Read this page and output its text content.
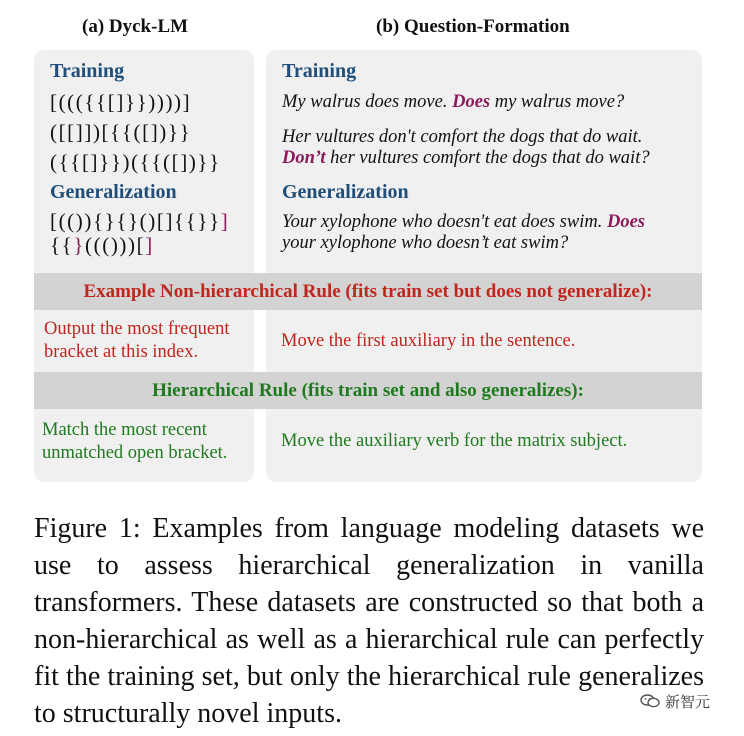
(a) Dyck-LM	(b) Question-Formation
Training
[((({{[]}}))))]
([[]])[{{([])}}
({{[]}})({{([])}}
Generalization
[(()){}{}()[]{{}}]
{{}((()))[]
Training
My walrus does move. Does my walrus move?
Her vultures don't comfort the dogs that do wait.
Don’t her vultures comfort the dogs that do wait?
Generalization
Your xylophone who doesn't eat does swim. Does
your xylophone who doesn’t eat swim?
Example Non-hierarchical Rule (fits train set but does not generalize):
Output the most frequent
bracket at this index.
Move the first auxiliary in the sentence.
Hierarchical Rule (fits train set and also generalizes):
Match the most recent
unmatched open bracket.
Move the auxiliary verb for the matrix subject.
Figure 1: Examples from language modeling datasets we use to assess hierarchical generalization in vanilla transformers. These datasets are constructed so that both a non-hierarchical as well as a hierarchical rule can perfectly fit the training set, but only the hierarchical rule generalizes to structurally novel inputs.	新智元
